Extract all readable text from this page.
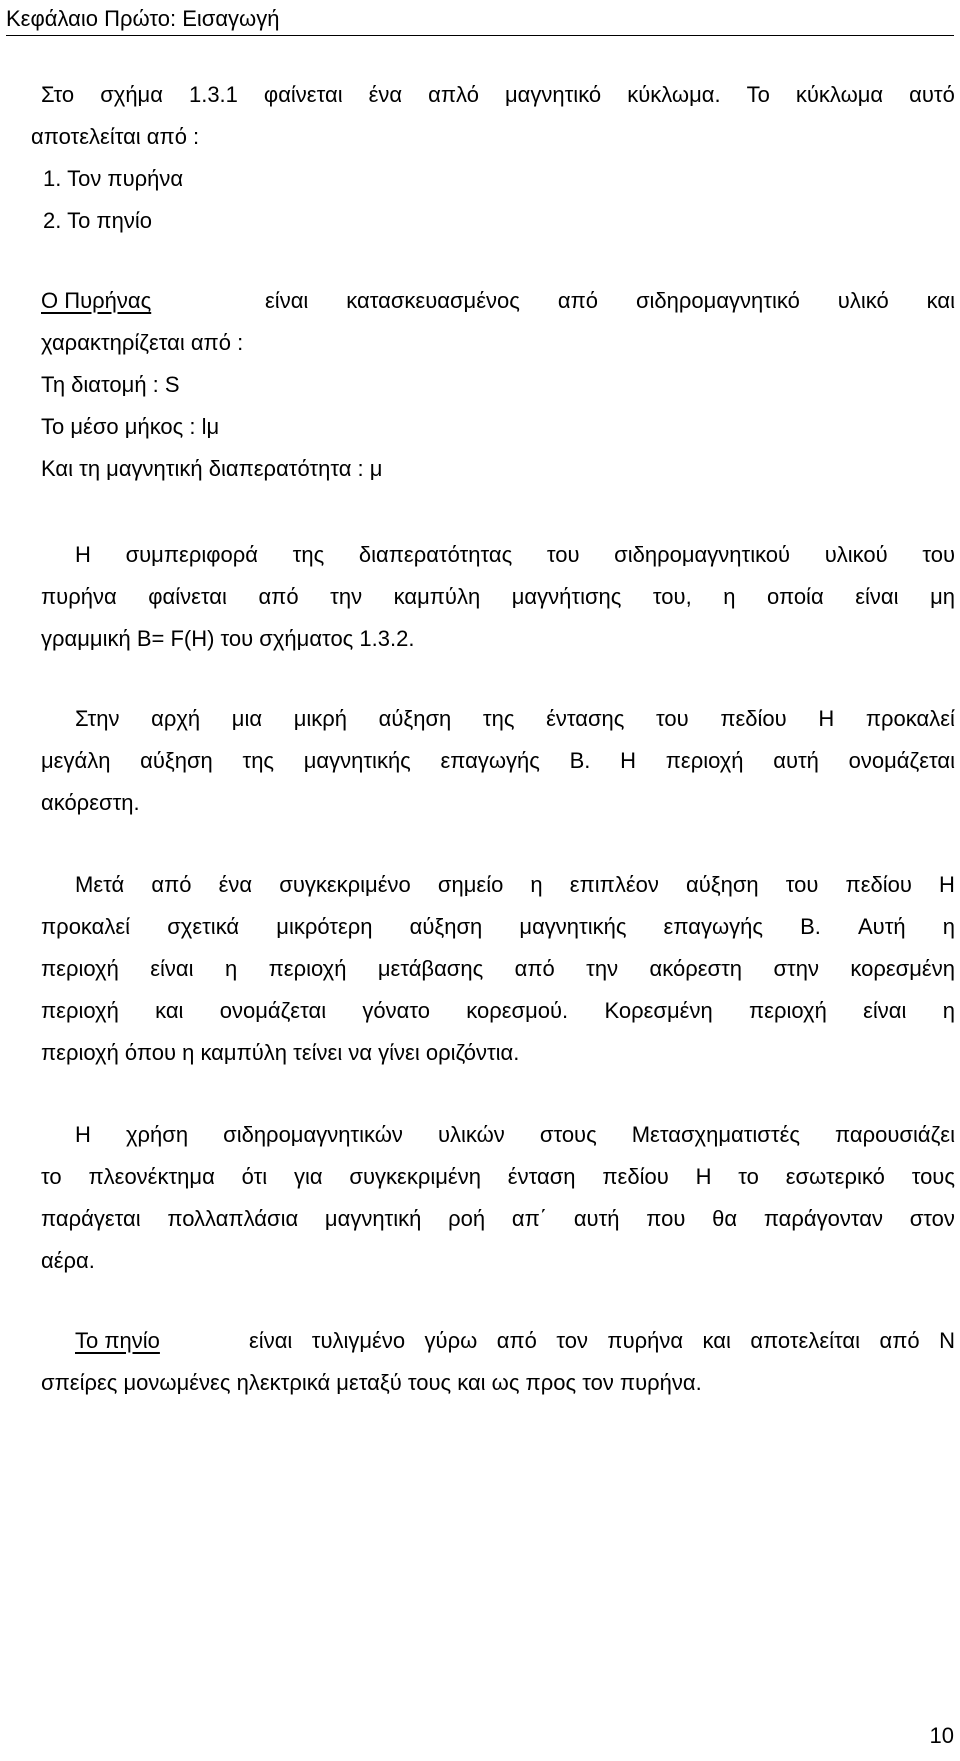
Κεφάλαιο Πρώτο: Εισαγωγή
Στο σχήμα 1.3.1 φαίνεται ένα απλό μαγνητικό κύκλωμα. Το κύκλωμα αυτό
αποτελείται από :
1. Τον πυρήνα
2. Το πηνίο
Ο Πυρήνας	είναι κατασκευασμένος από σιδηρομαγνητικό υλικό και
χαρακτηρίζεται από :
Τη διατομή : S
Το μέσο μήκος : lμ
Και τη μαγνητική διαπερατότητα : μ
Η συμπεριφορά της διαπερατότητας του σιδηρομαγνητικού υλικού του
πυρήνα φαίνεται από την καμπύλη μαγνήτισης του, η οποία είναι μη
γραμμική B= F(H) του σχήματος 1.3.2.
Στην αρχή μια μικρή αύξηση της έντασης του πεδίου H προκαλεί
μεγάλη αύξηση της μαγνητικής επαγωγής B. Η περιοχή αυτή ονομάζεται
ακόρεστη.
Μετά από ένα συγκεκριμένο σημείο η επιπλέον αύξηση του πεδίου H
προκαλεί σχετικά μικρότερη αύξηση μαγνητικής επαγωγής B. Αυτή η
περιοχή είναι η περιοχή μετάβασης από την ακόρεστη στην κορεσμένη
περιοχή και ονομάζεται γόνατο κορεσμού. Κορεσμένη περιοχή είναι η
περιοχή όπου η καμπύλη τείνει να γίνει οριζόντια.
Η χρήση σιδηρομαγνητικών υλικών στους Μετασχηματιστές παρουσιάζει
το πλεονέκτημα ότι για συγκεκριμένη ένταση πεδίου H το εσωτερικό τους
παράγεται πολλαπλάσια μαγνητική ροή απ΄ αυτή που θα παράγονταν στον
αέρα.
Το πηνίο	είναι τυλιγμένο γύρω από τον πυρήνα και αποτελείται από N
σπείρες μονωμένες ηλεκτρικά μεταξύ τους και ως προς τον πυρήνα.
10
